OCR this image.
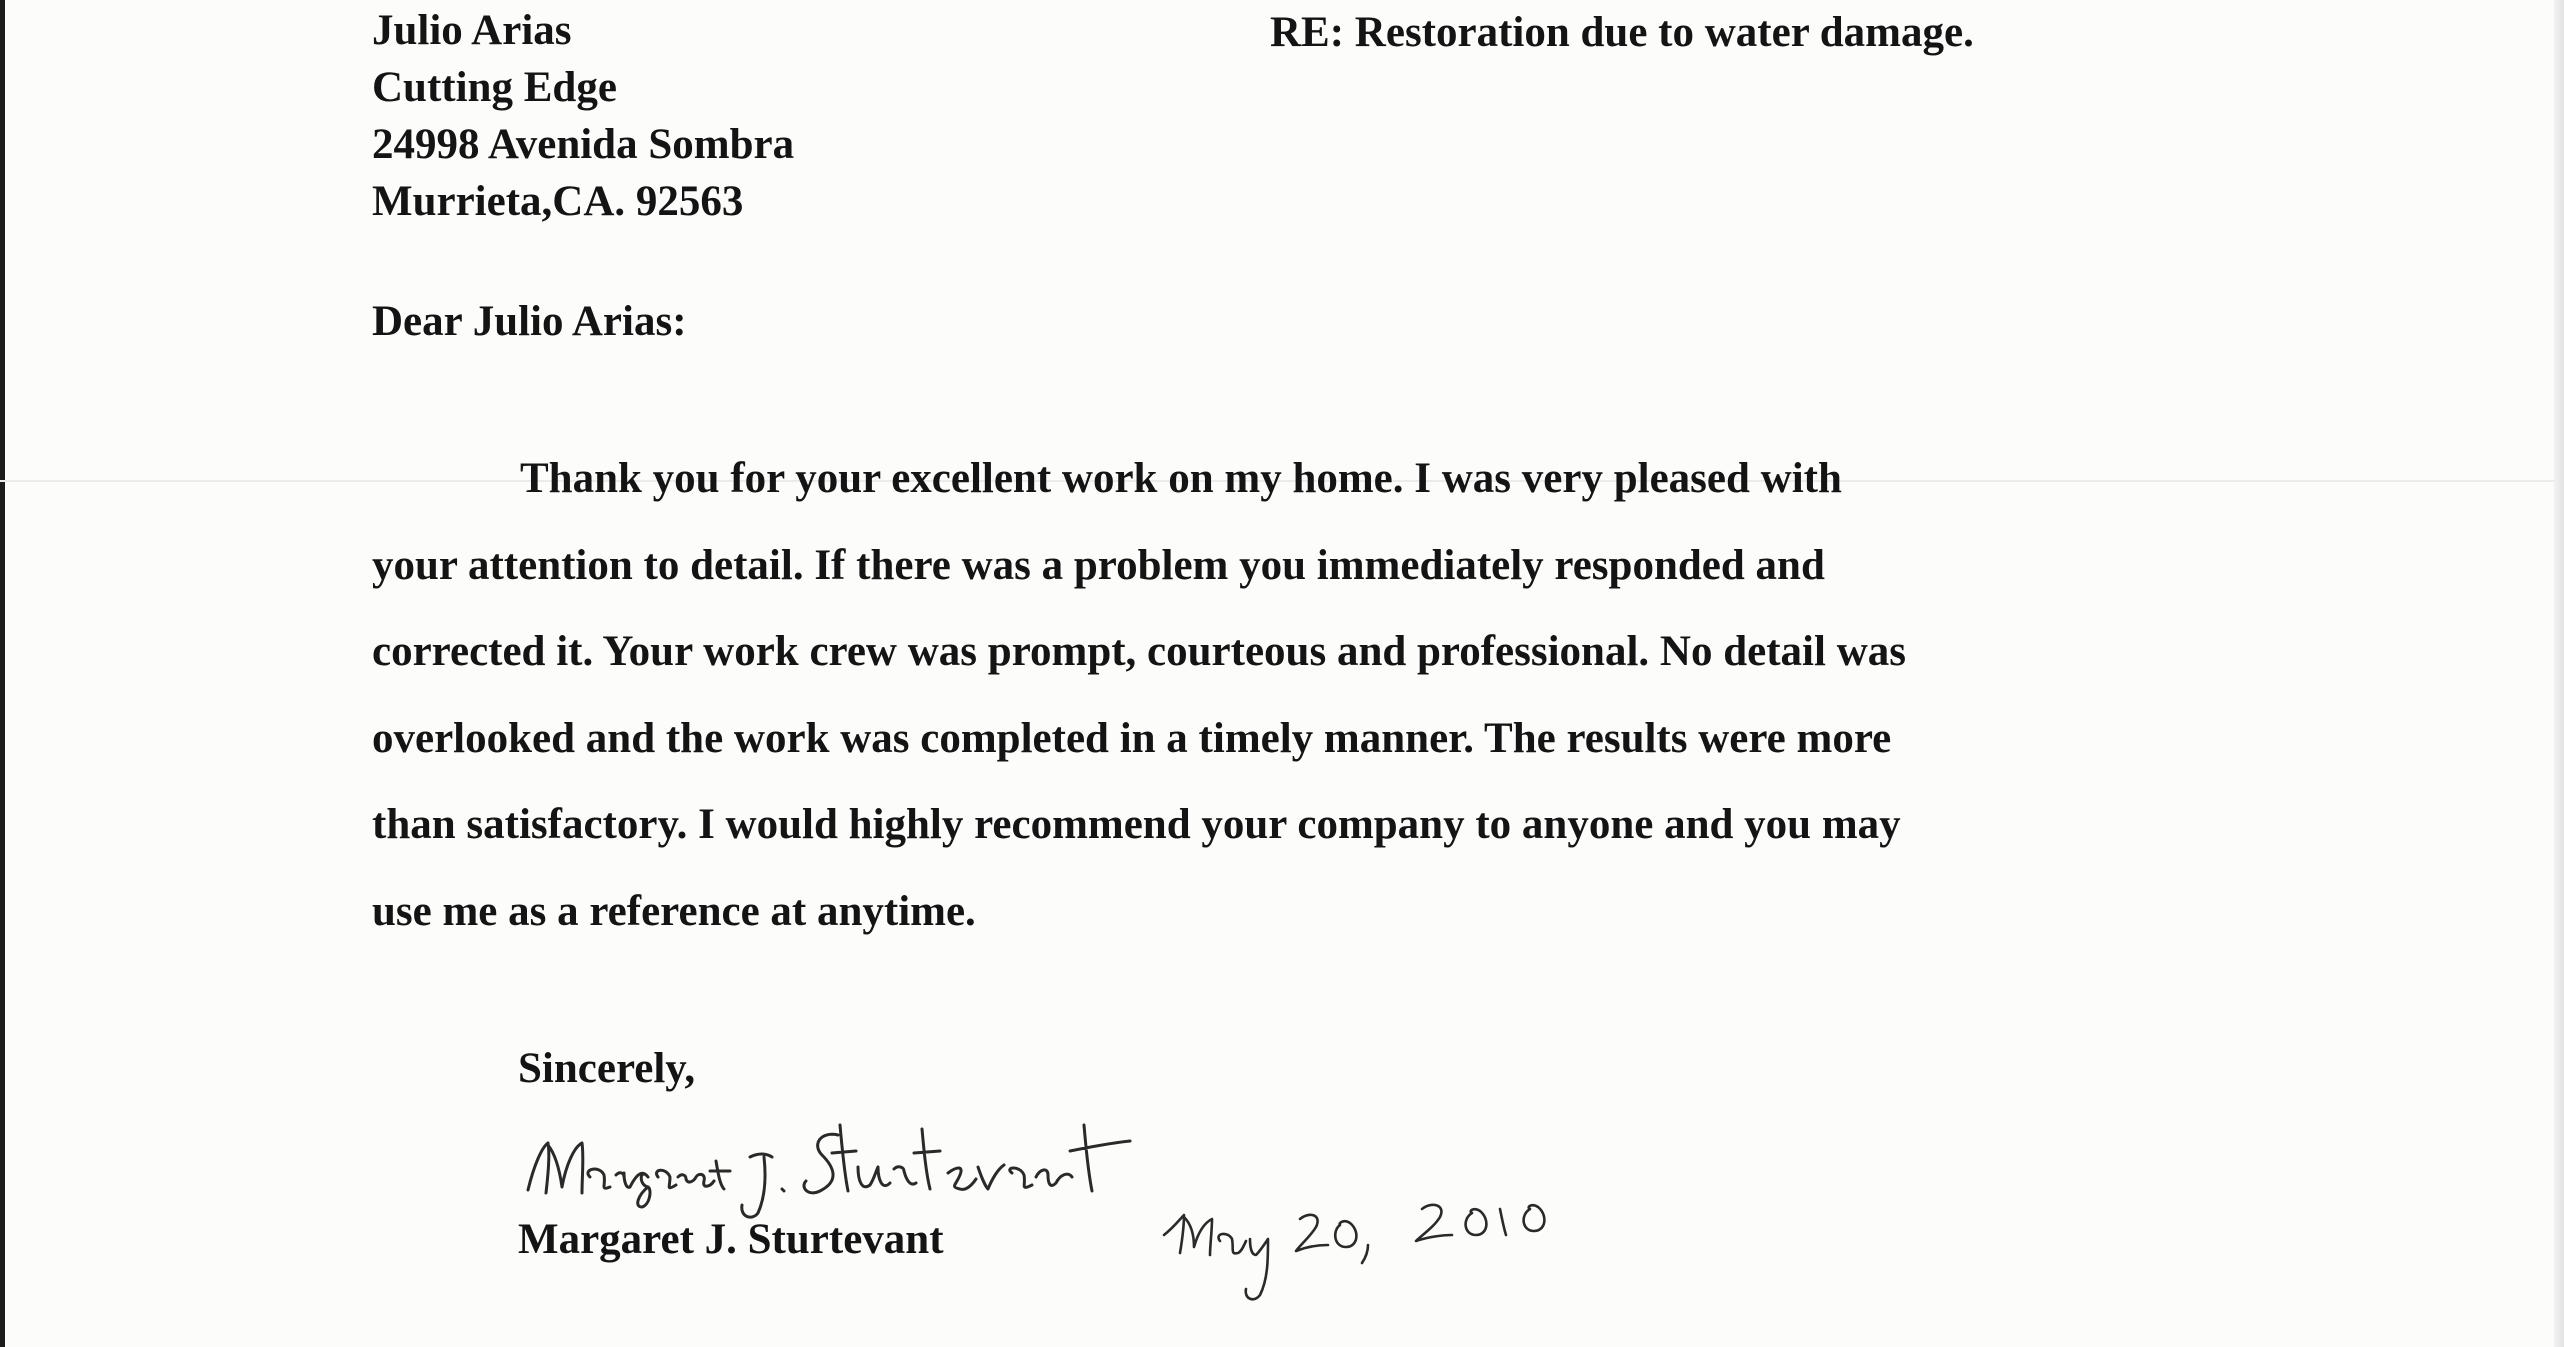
Julio Arias
Cutting Edge
24998 Avenida Sombra
Murrieta,CA. 92563
RE: Restoration due to water damage.
Dear Julio Arias:
Thank you for your excellent work on my home. I was very pleased with
your attention to detail. If there was a problem you immediately responded and
corrected it. Your work crew was prompt, courteous and professional. No detail was
overlooked and the work was completed in a timely manner. The results were more
than satisfactory. I would highly recommend your company to anyone and you may
use me as a reference at anytime.
Sincerely,
Margaret J. Sturtevant
